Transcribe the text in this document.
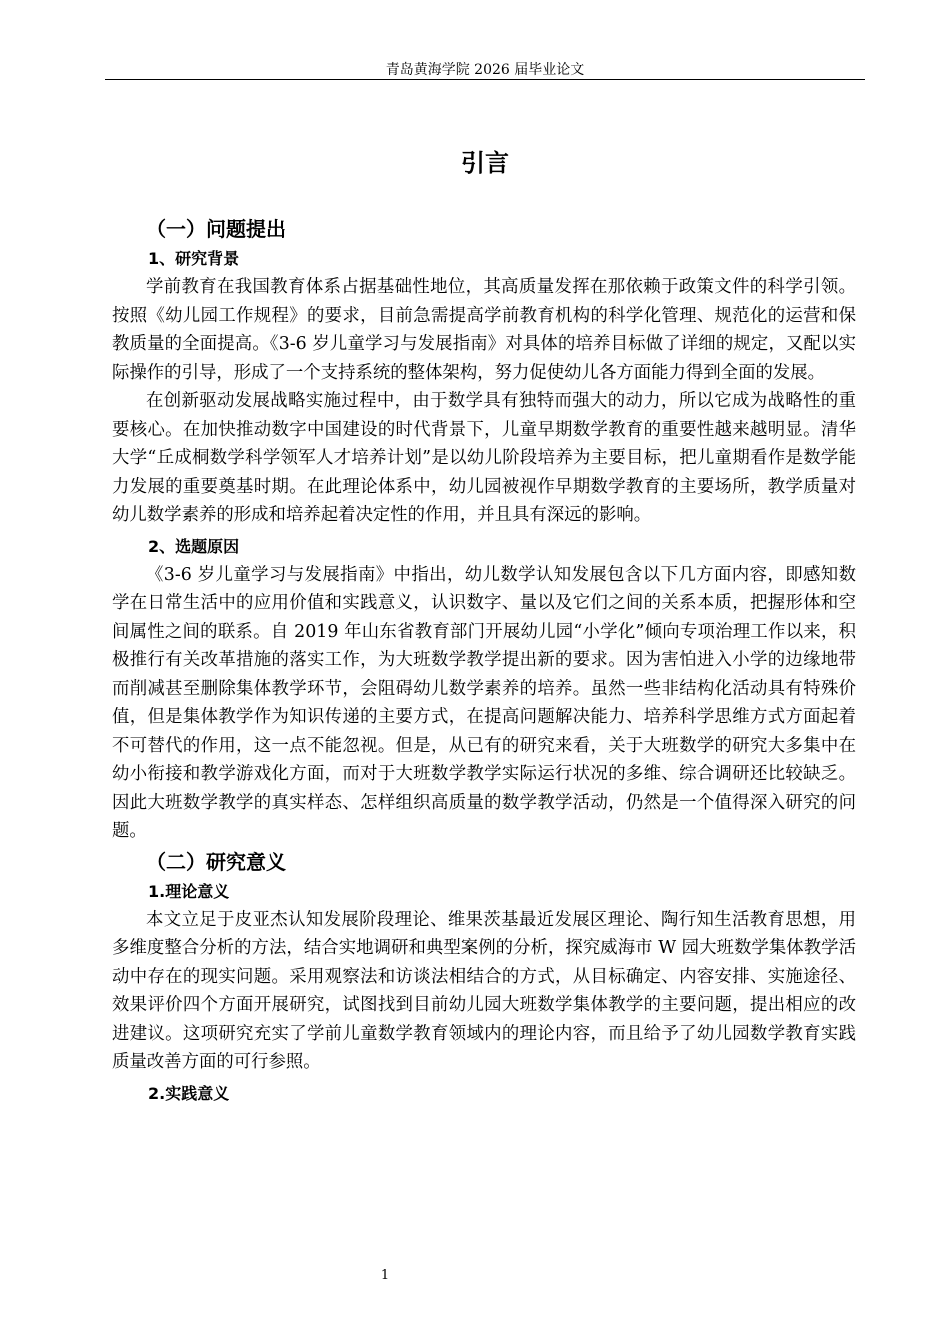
青岛黄海学院 2026 届毕业论文
引言
（一）问题提出
1、研究背景

学前教育在我国教育体系占据基础性地位，其高质量发挥在那依赖于政策文件的科学引领。按照《幼儿园工作规程》的要求，目前急需提高学前教育机构的科学化管理、规范化的运营和保教质量的全面提高。《3-6 岁儿童学习与发展指南》对具体的培养目标做了详细的规定，又配以实际操作的引导，形成了一个支持系统的整体架构，努力促使幼儿各方面能力得到全面的发展。

在创新驱动发展战略实施过程中，由于数学具有独特而强大的动力，所以它成为战略性的重要核心。在加快推动数字中国建设的时代背景下，儿童早期数学教育的重要性越来越明显。清华大学“丘成桐数学科学领军人才培养计划”是以幼儿阶段培养为主要目标，把儿童期看作是数学能力发展的重要奠基时期。在此理论体系中，幼儿园被视作早期数学教育的主要场所，教学质量对幼儿数学素养的形成和培养起着决定性的作用，并且具有深远的影响。

2、选题原因

《3-6 岁儿童学习与发展指南》中指出，幼儿数学认知发展包含以下几方面内容，即感知数学在日常生活中的应用价值和实践意义，认识数字、量以及它们之间的关系本质，把握形体和空间属性之间的联系。自 2019 年山东省教育部门开展幼儿园“小学化”倾向专项治理工作以来，积极推行有关改革措施的落实工作，为大班数学教学提出新的要求。因为害怕进入小学的边缘地带而削减甚至删除集体教学环节，会阻碍幼儿数学素养的培养。虽然一些非结构化活动具有特殊价值，但是集体教学作为知识传递的主要方式，在提高问题解决能力、培养科学思维方式方面起着不可替代的作用，这一点不能忽视。但是，从已有的研究来看，关于大班数学的研究大多集中在幼小衔接和教学游戏化方面，而对于大班数学教学实际运行状况的多维、综合调研还比较缺乏。因此大班数学教学的真实样态、怎样组织高质量的数学教学活动，仍然是一个值得深入研究的问题。

（二）研究意义
1.理论意义

本文立足于皮亚杰认知发展阶段理论、维果茨基最近发展区理论、陶行知生活教育思想，用多维度整合分析的方法，结合实地调研和典型案例的分析，探究威海市 W 园大班数学集体教学活动中存在的现实问题。采用观察法和访谈法相结合的方式，从目标确定、内容安排、实施途径、效果评价四个方面开展研究，试图找到目前幼儿园大班数学集体教学的主要问题，提出相应的改进建议。这项研究充实了学前儿童数学教育领域内的理论内容，而且给予了幼儿园数学教育实践质量改善方面的可行参照。

2.实践意义
1
